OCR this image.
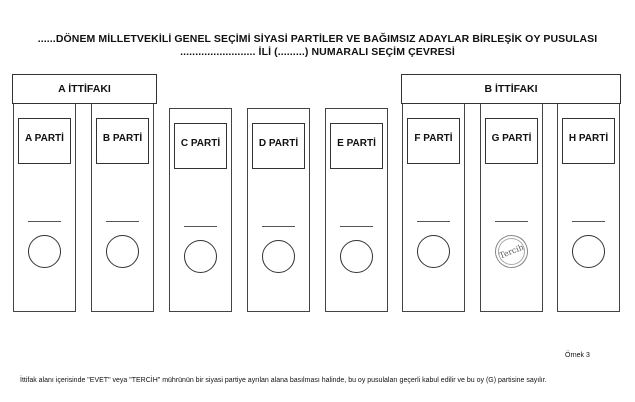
......DÖNEM MİLLETVEKİLİ GENEL SEÇİMİ SİYASİ PARTİLER VE BAĞIMSIZ ADAYLAR BİRLEŞİK OY PUSULASI
......................... İLİ (.........) NUMARALI SEÇİM ÇEVRESİ
A İTTİFAKI	B İTTİFAKI
A PARTİ	B PARTİ	C PARTİ	D PARTİ	E PARTİ	F PARTİ	G PARTİ
Tercih
H PARTİ
Örnek 3
İttifak alanı içerisinde "EVET" veya "TERCİH" mührünün bir siyasi partiye ayrılan alana basılması halinde, bu oy pusulaları geçerli kabul edilir ve bu oy (G) partisine sayılır.
